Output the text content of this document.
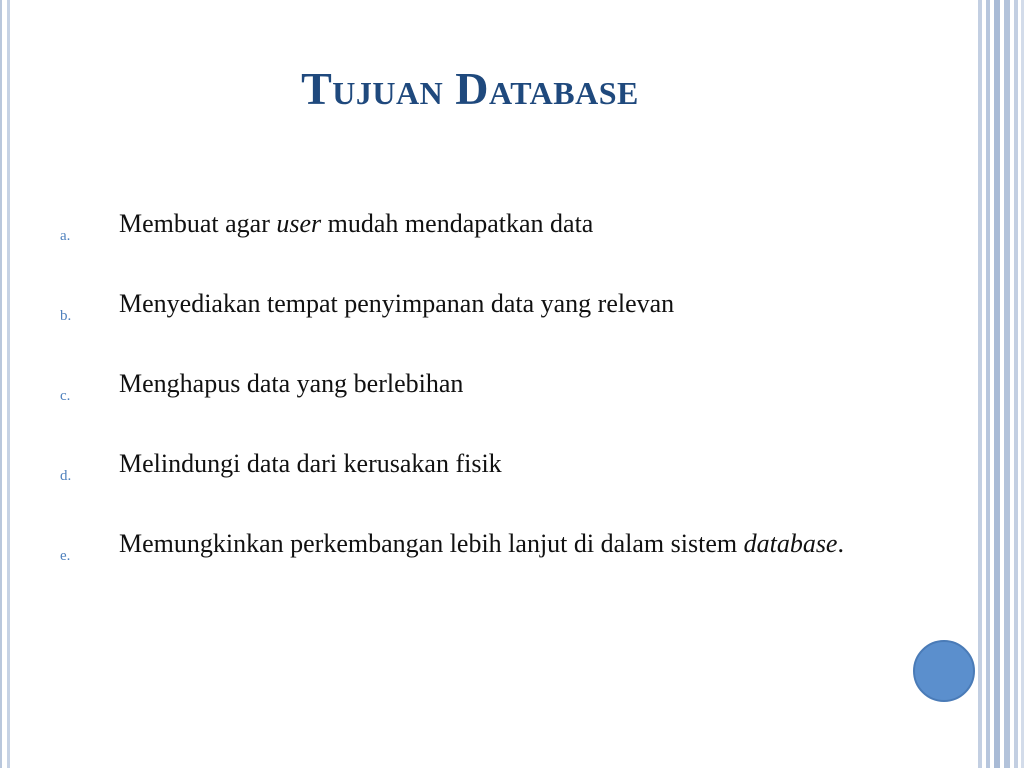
Tujuan Database
a. Membuat agar user mudah mendapatkan data

b. Menyediakan tempat penyimpanan data yang relevan

c. Menghapus data yang berlebihan

d. Melindungi data dari kerusakan fisik

e. Memungkinkan perkembangan lebih lanjut di dalam sistem database.
